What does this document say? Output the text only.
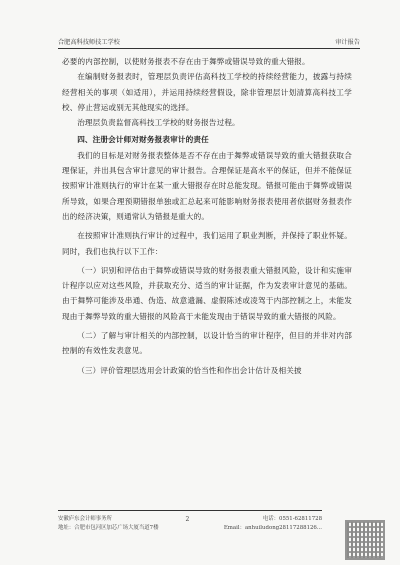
合肥高科技师技工学校	审计报告

必要的内部控制，以使财务报表不存在由于舞弊或错误导致的重大错报。

在编制财务报表时，管理层负责评估高科技工学校的持续经营能力，披露与持续经营相关的事项（如适用），并运用持续经营假设，除非管理层计划清算高科技工学校、停止营运或别无其他现实的选择。

治理层负责监督高科技工学校的财务报告过程。

四、注册会计师对财务报表审计的责任

我们的目标是对财务报表整体是否不存在由于舞弊或错误导致的重大错报获取合理保证，并出具包含审计意见的审计报告。合理保证是高水平的保证，但并不能保证按照审计准则执行的审计在某一重大错报存在时总能发现。错报可能由于舞弊或错误所导致，如果合理预期错报单独或汇总起来可能影响财务报表使用者依据财务报表作出的经济决策，则通常认为错报是重大的。

在按照审计准则执行审计的过程中，我们运用了职业判断，并保持了职业怀疑。同时，我们也执行以下工作：

（一）识别和评估由于舞弊或错误导致的财务报表重大错报风险，设计和实施审计程序以应对这些风险，并获取充分、适当的审计证据，作为发表审计意见的基础。由于舞弊可能涉及串通、伪造、故意遗漏、虚假陈述或凌驾于内部控制之上，未能发现由于舞弊导致的重大错报的风险高于未能发现由于错误导致的重大错报的风险。

（二）了解与审计相关的内部控制，以设计恰当的审计程序，但目的并非对内部控制的有效性发表意见。

（三）评价管理层选用会计政策的恰当性和作出会计估计及相关披

安徽庐东会计师事务所	2	电话：0551-62811728
地址：合肥市包河区加芯广场大厦当道7楼	Email：anhuiludong28117288126...
